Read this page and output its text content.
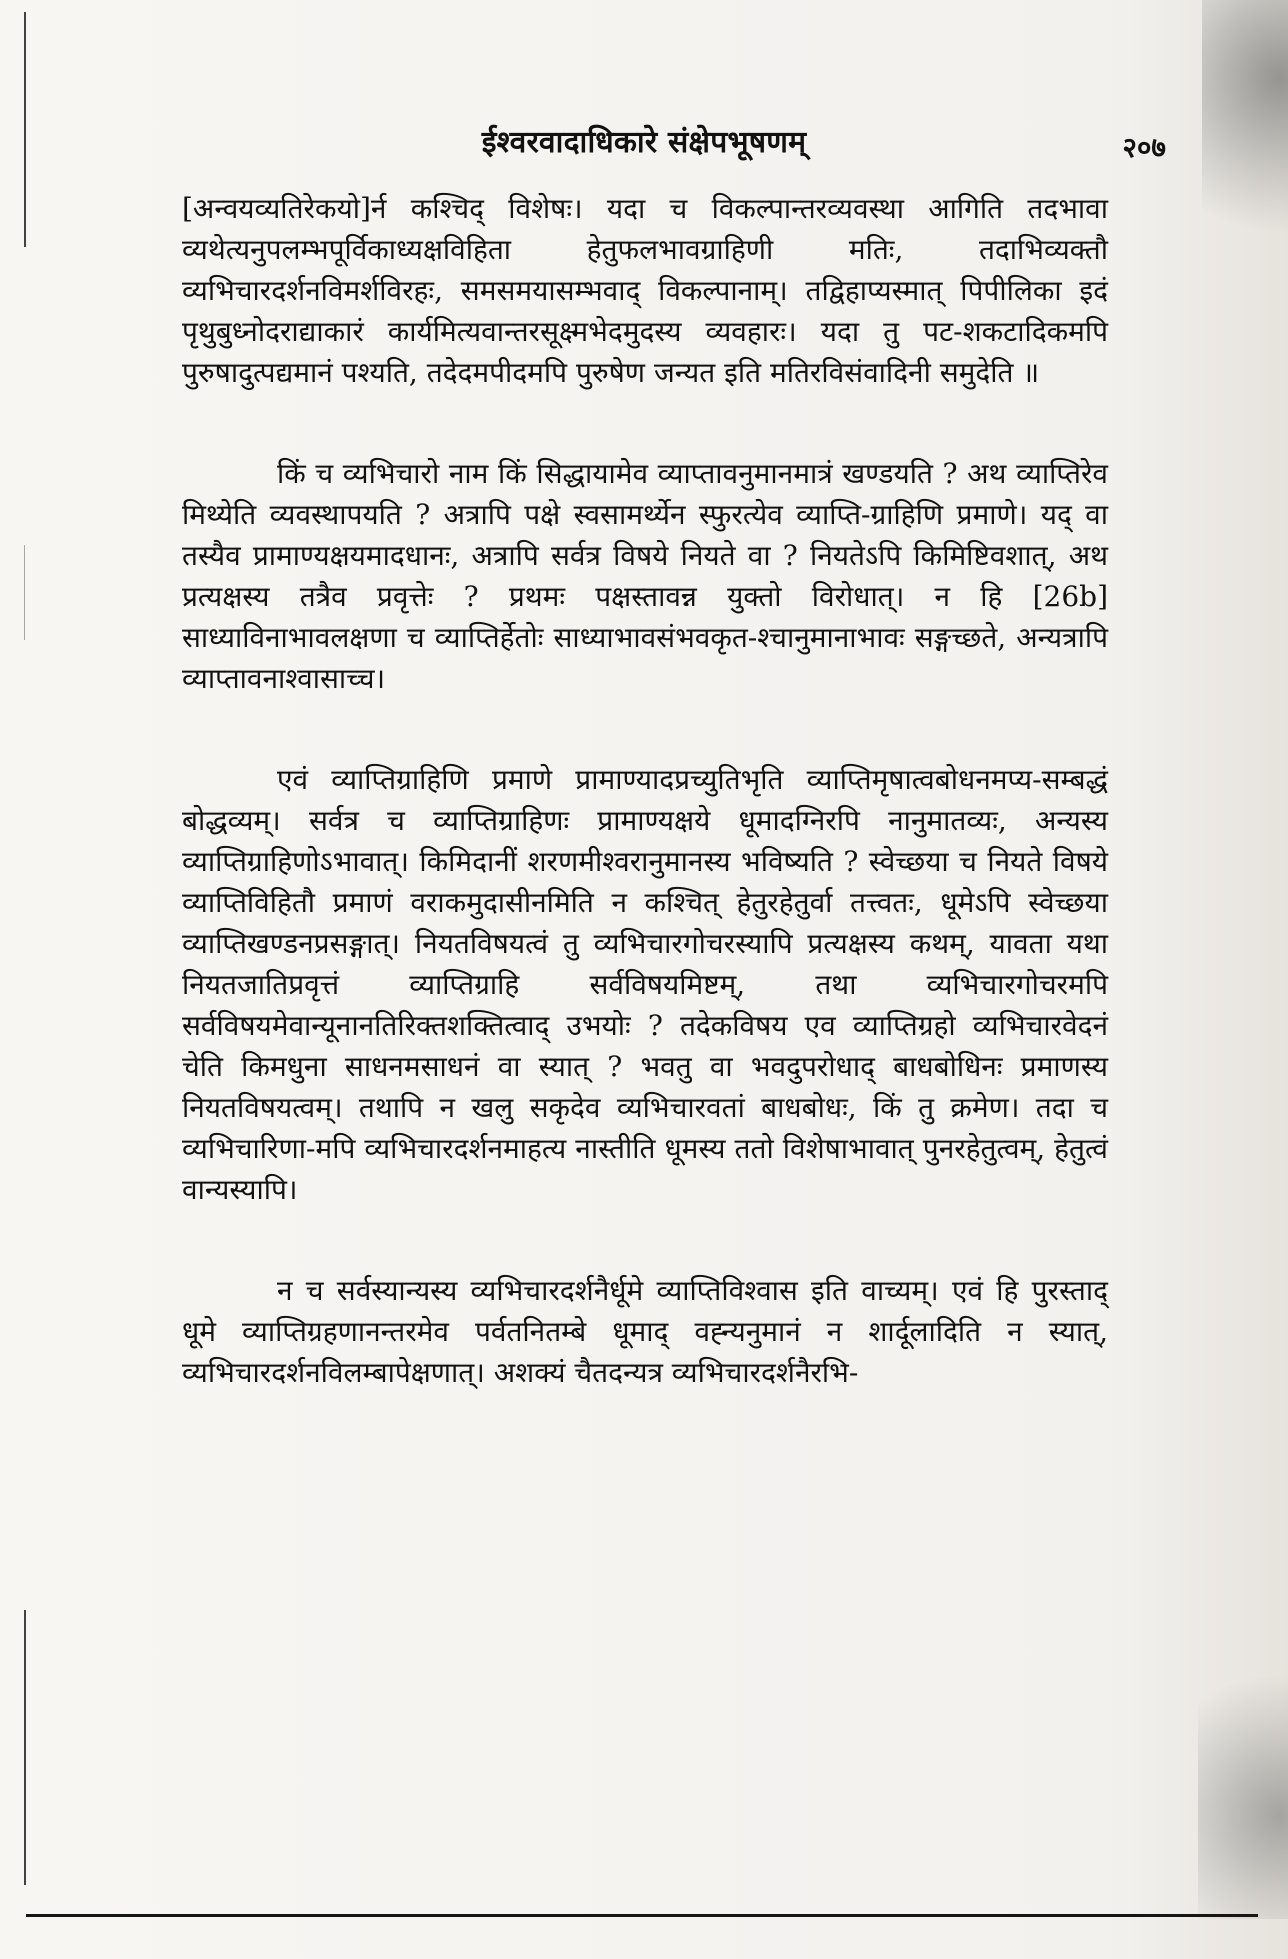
ईश्वरवादाधिकारे संक्षेपभूषणम्	२०७

[अन्वयव्यतिरेकयो]र्न कश्चिद् विशेषः। यदा च विकल्पान्तरव्यवस्था आगिति तदभावा व्यथेत्यनुपलम्भपूर्विकाध्यक्षविहिता हेतुफलभावग्राहिणी मतिः, तदाभिव्यक्तौ व्यभिचारदर्शनविमर्शविरहः, समसमयासम्भवाद् विकल्पानाम्। तद्विहाप्यस्मात् पिपीलिका इदं पृथुबुध्नोदराद्याकारं कार्यमित्यवान्तरसूक्ष्मभेदमुदस्य व्यवहारः। यदा तु पट-शकटादिकमपि पुरुषादुत्पद्यमानं पश्यति, तदेदमपीदमपि पुरुषेण जन्यत इति मतिरविसंवादिनी समुदेति ॥

किं च व्यभिचारो नाम किं सिद्धायामेव व्याप्तावनुमानमात्रं खण्डयति ? अथ व्याप्तिरेव मिथ्येति व्यवस्थापयति ? अत्रापि पक्षे स्वसामर्थ्येन स्फुरत्येव व्याप्ति-ग्राहिणि प्रमाणे। यद् वा तस्यैव प्रामाण्यक्षयमादधानः, अत्रापि सर्वत्र विषये नियते वा ? नियतेऽपि किमिष्टिवशात्, अथ प्रत्यक्षस्य तत्रैव प्रवृत्तेः ? प्रथमः पक्षस्तावन्न युक्तो विरोधात्। न हि [26b] साध्याविनाभावलक्षणा च व्याप्तिर्हेतोः साध्याभावसंभवकृत-श्चानुमानाभावः सङ्गच्छते, अन्यत्रापि व्याप्तावनाश्वासाच्च।

एवं व्याप्तिग्राहिणि प्रमाणे प्रामाण्यादप्रच्युतिभृति व्याप्तिमृषात्वबोधनमप्य-सम्बद्धं बोद्धव्यम्। सर्वत्र च व्याप्तिग्राहिणः प्रामाण्यक्षये धूमादग्निरपि नानुमातव्यः, अन्यस्य व्याप्तिग्राहिणोऽभावात्। किमिदानीं शरणमीश्वरानुमानस्य भविष्यति ? स्वेच्छया च नियते विषये व्याप्तिविहितौ प्रमाणं वराकमुदासीनमिति न कश्चित् हेतुरहेतुर्वा तत्त्वतः, धूमेऽपि स्वेच्छया व्याप्तिखण्डनप्रसङ्गात्। नियतविषयत्वं तु व्यभिचारगोचरस्यापि प्रत्यक्षस्य कथम्, यावता यथा नियतजातिप्रवृत्तं व्याप्तिग्राहि सर्वविषयमिष्टम्, तथा व्यभिचारगोचरमपि सर्वविषयमेवान्यूनानतिरिक्तशक्तित्वाद् उभयोः ? तदेकविषय एव व्याप्तिग्रहो व्यभिचारवेदनं चेति किमधुना साधनमसाधनं वा स्यात् ? भवतु वा भवदुपरोधाद् बाधबोधिनः प्रमाणस्य नियतविषयत्वम्। तथापि न खलु सकृदेव व्यभिचारवतां बाधबोधः, किं तु क्रमेण। तदा च व्यभिचारिणा-मपि व्यभिचारदर्शनमाहत्य नास्तीति धूमस्य ततो विशेषाभावात् पुनरहेतुत्वम्, हेतुत्वं वान्यस्यापि।

न च सर्वस्यान्यस्य व्यभिचारदर्शनैर्धूमे व्याप्तिविश्वास इति वाच्यम्। एवं हि पुरस्ताद् धूमे व्याप्तिग्रहणानन्तरमेव पर्वतनितम्बे धूमाद् वह्न्यनुमानं न शार्दूलादिति न स्यात्, व्यभिचारदर्शनविलम्बापेक्षणात्। अशक्यं चैतदन्यत्र व्यभिचारदर्शनैरभि-
